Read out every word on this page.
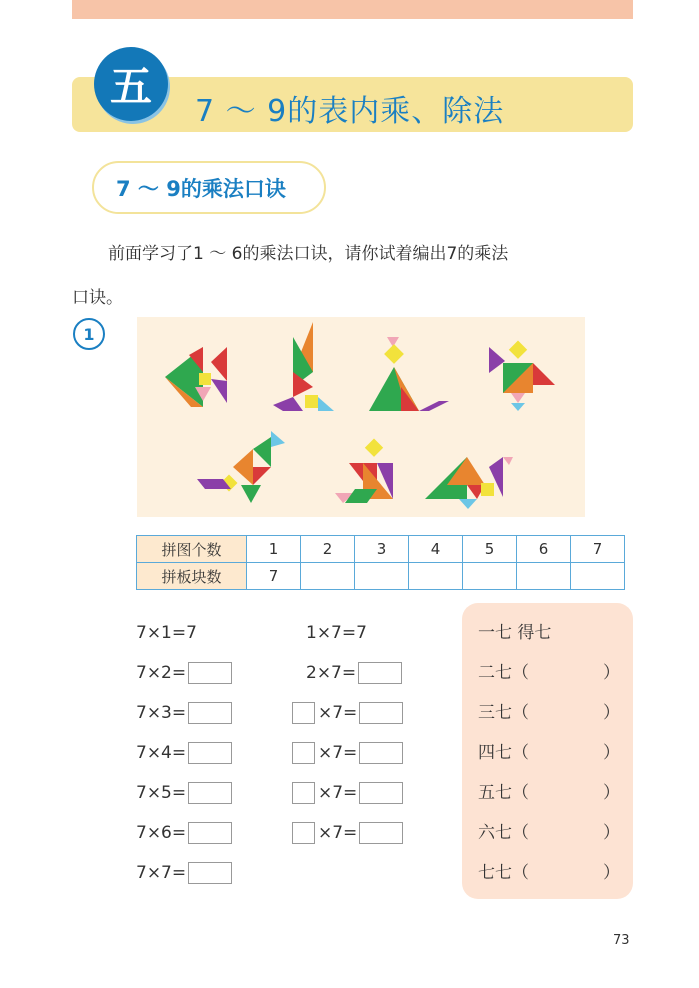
五
7 ～ 9的表内乘、除法
7 ～ 9的乘法口诀
前面学习了1 ～ 6的乘法口诀，请你试着编出7的乘法
口诀。
1
拼图个数	1	2	3	4	5	6	7
拼板块数	7						
7×1=7
7×2=
7×3=
7×4=
7×5=
7×6=
7×7=
1×7=7
2×7=
×7=
×7=
×7=
×7=
一七 得七
二七（	）
三七（	）
四七（	）
五七（	）
六七（	）
七七（	）
73
